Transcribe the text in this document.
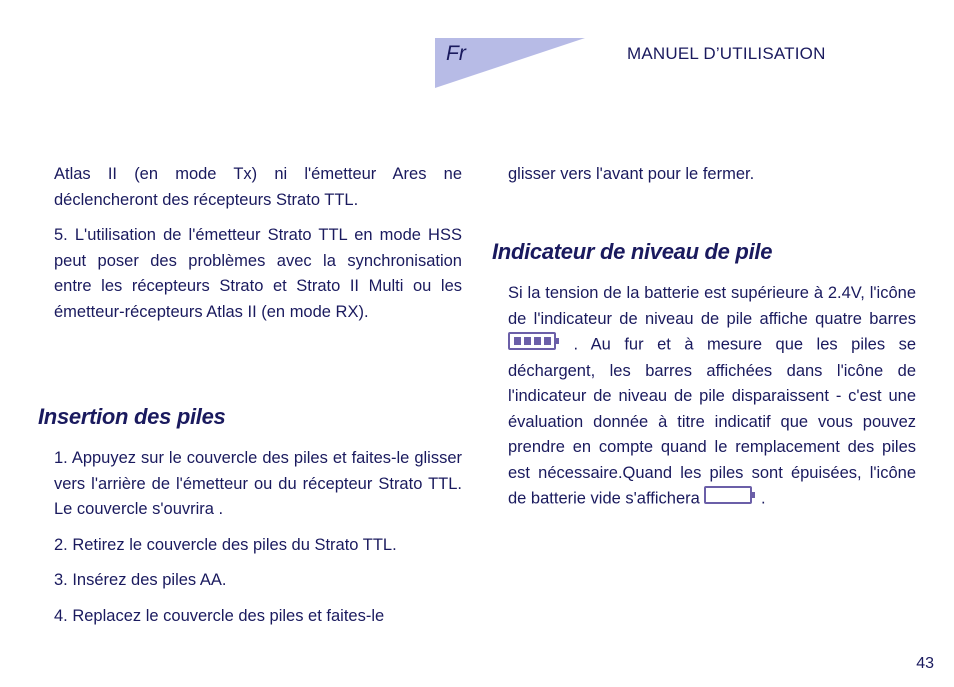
Fr	MANUEL D’UTILISATION

Atlas II (en mode Tx) ni l'émetteur Ares ne déclencheront des récepteurs Strato TTL.

5. L'utilisation de l'émetteur Strato TTL en mode HSS peut poser des problèmes avec la synchronisation entre les récepteurs Strato et Strato II Multi ou les émetteur-récepteurs Atlas II (en mode RX).

Insertion des piles

1. Appuyez sur le couvercle des piles et faites-le glisser vers l'arrière de l'émetteur ou du récepteur Strato TTL. Le couvercle s'ouvrira .

2. Retirez le couvercle des piles du Strato TTL.

3. Insérez des piles AA.

4. Replacez le couvercle des piles et faites-le

glisser vers l'avant pour le fermer.

Indicateur de niveau de pile

Si la tension de la batterie est supérieure à 2.4V, l'icône de l'indicateur de niveau de pile affiche quatre barres  . Au fur et à mesure que les piles se déchargent, les barres affichées dans l'icône de l'indicateur de niveau de pile disparaissent - c'est une évaluation donnée à titre indicatif que vous pouvez prendre en compte quand le remplacement des piles est nécessaire.Quand les piles sont épuisées, l'icône de batterie vide s'affichera	.

43
